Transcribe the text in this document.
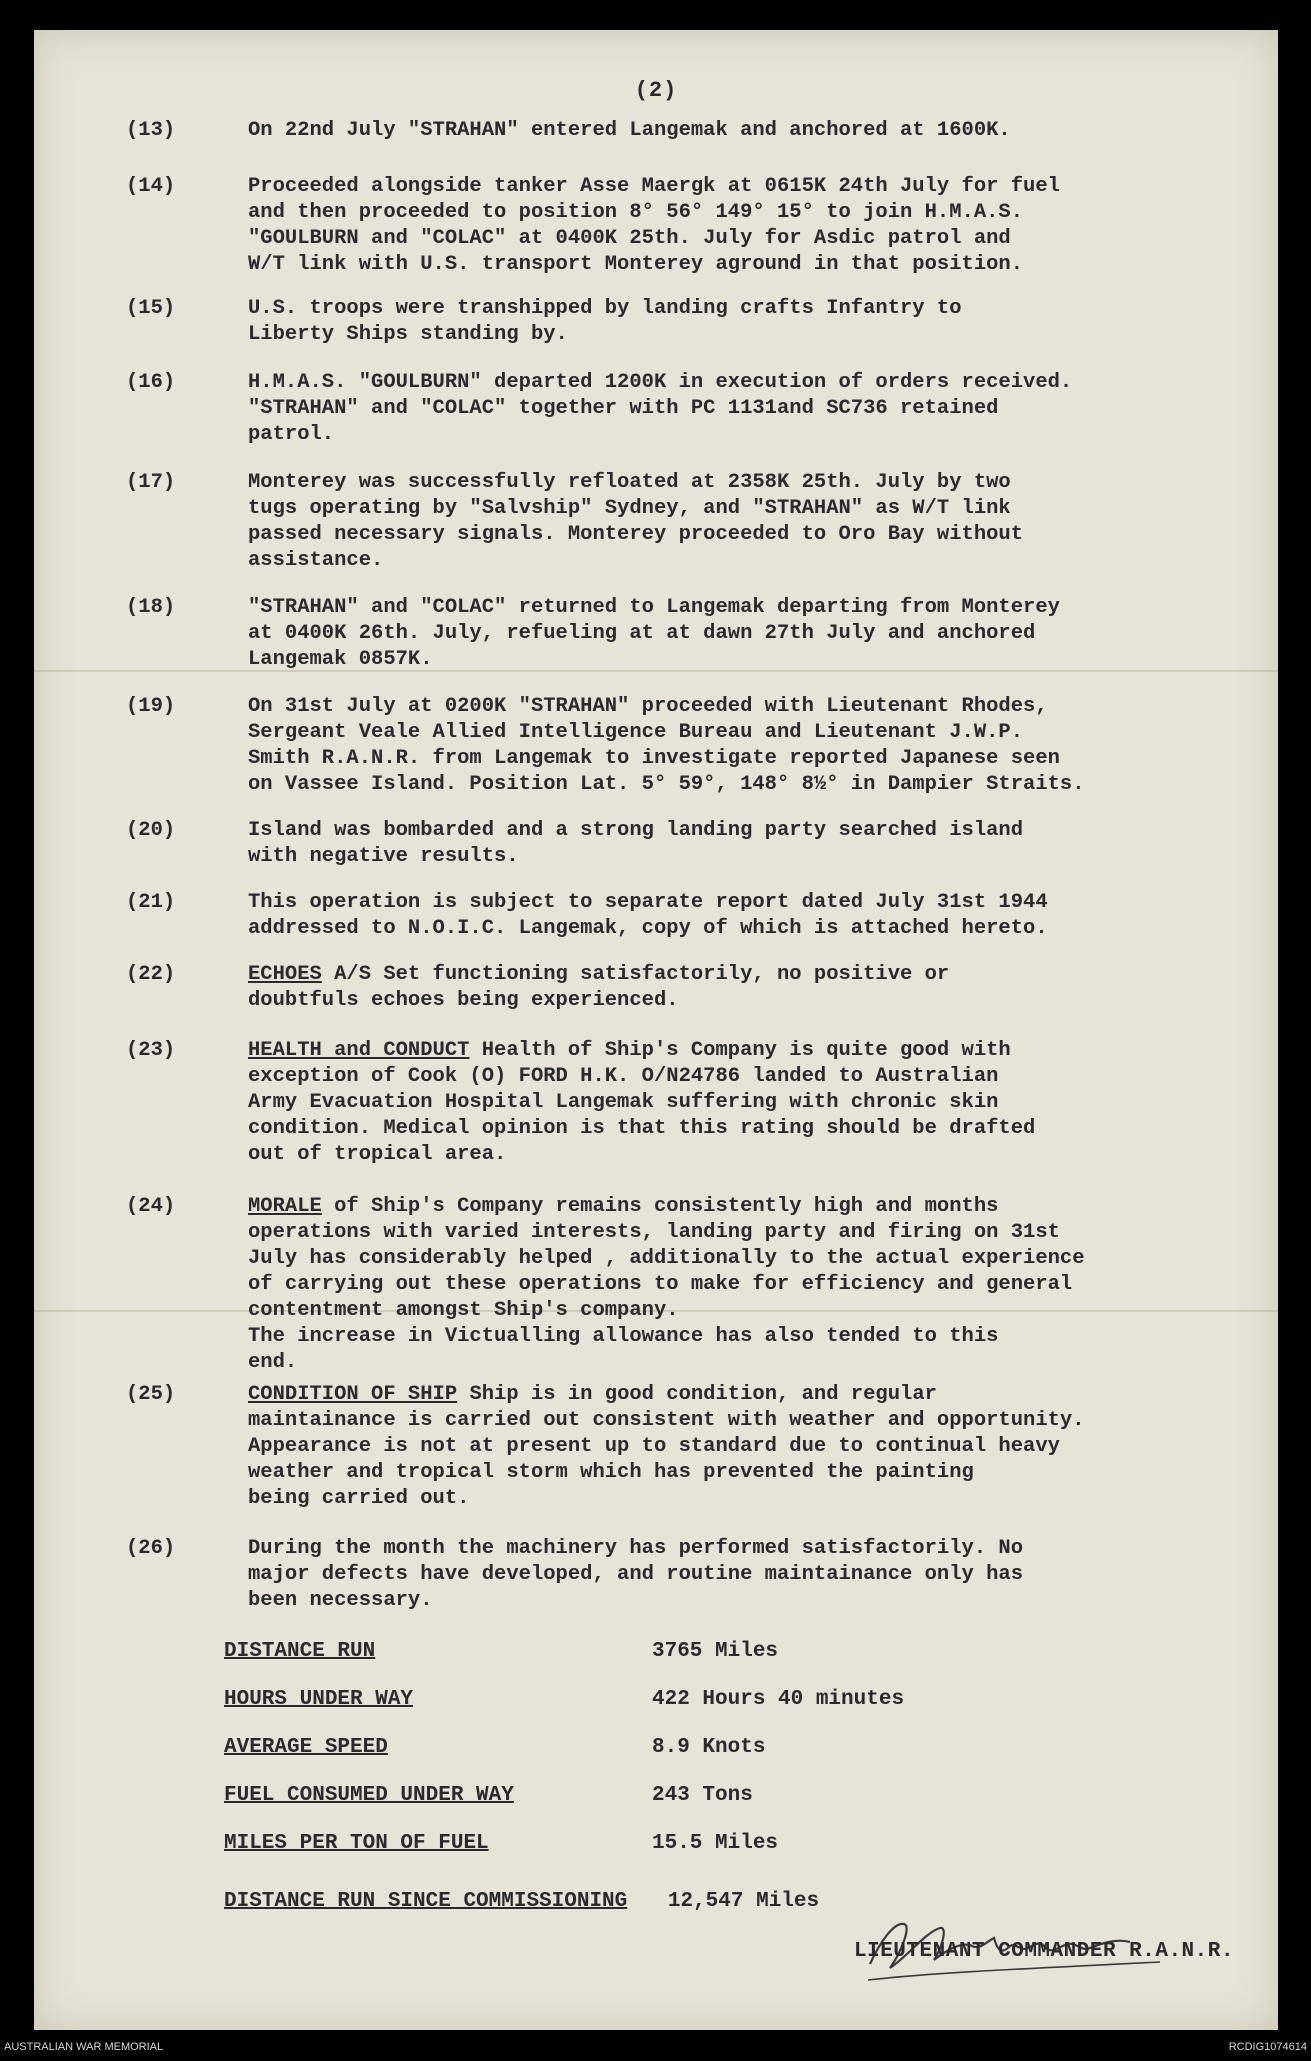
(2)
(13)	On 22nd July "STRAHAN" entered Langemak and anchored at 1600K.
(14)	Proceeded alongside tanker Asse Maergk at 0615K 24th July for fuel
and then proceeded to position 8° 56° 149° 15° to join H.M.A.S.
"GOULBURN and "COLAC" at 0400K 25th. July for Asdic patrol and
W/T link with U.S. transport Monterey aground in that position.
(15)	U.S. troops were transhipped by landing crafts Infantry to
Liberty Ships standing by.
(16)	H.M.A.S. "GOULBURN" departed 1200K in execution of orders received.
"STRAHAN" and "COLAC" together with PC 1131and SC736 retained
patrol.
(17)	Monterey was successfully refloated at 2358K 25th. July by two
tugs operating by "Salvship" Sydney, and "STRAHAN" as W/T link
passed necessary signals. Monterey proceeded to Oro Bay without
assistance.
(18)	"STRAHAN" and "COLAC" returned to Langemak departing from Monterey
at 0400K 26th. July, refueling at at dawn 27th July and anchored
Langemak 0857K.
(19)	On 31st July at 0200K "STRAHAN" proceeded with Lieutenant Rhodes,
Sergeant Veale Allied Intelligence Bureau and Lieutenant J.W.P.
Smith R.A.N.R. from Langemak to investigate reported Japanese seen
on Vassee Island. Position Lat. 5° 59°, 148° 8½° in Dampier Straits.
(20)	Island was bombarded and a strong landing party searched island
with negative results.
(21)	This operation is subject to separate report dated July 31st 1944
addressed to N.O.I.C. Langemak, copy of which is attached hereto.
(22)	ECHOES A/S Set functioning satisfactorily, no positive or
doubtfuls echoes being experienced.
(23)	HEALTH and CONDUCT Health of Ship's Company is quite good with
exception of Cook (O) FORD H.K. O/N24786 landed to Australian
Army Evacuation Hospital Langemak suffering with chronic skin
condition. Medical opinion is that this rating should be drafted
out of tropical area.
(24)	MORALE of Ship's Company remains consistently high and months
operations with varied interests, landing party and firing on 31st
July has considerably helped , additionally to the actual experience
of carrying out these operations to make for efficiency and general
contentment amongst Ship's company.
The increase in Victualling allowance has also tended to this
end.
(25)	CONDITION OF SHIP Ship is in good condition, and regular
maintainance is carried out consistent with weather and opportunity.
Appearance is not at present up to standard due to continual heavy
weather and tropical storm which has prevented the painting
being carried out.
(26)	During the month the machinery has performed satisfactorily. No
major defects have developed, and routine maintainance only has
been necessary.
DISTANCE RUN	3765 Miles
HOURS UNDER WAY	422 Hours 40 minutes
AVERAGE SPEED	8.9 Knots
FUEL CONSUMED UNDER WAY	243 Tons
MILES PER TON OF FUEL	15.5 Miles
DISTANCE RUN SINCE COMMISSIONING 12,547 Miles
LIEUTENANT COMMANDER R.A.N.R.
AUSTRALIAN WAR MEMORIAL	RCDIG1074614
